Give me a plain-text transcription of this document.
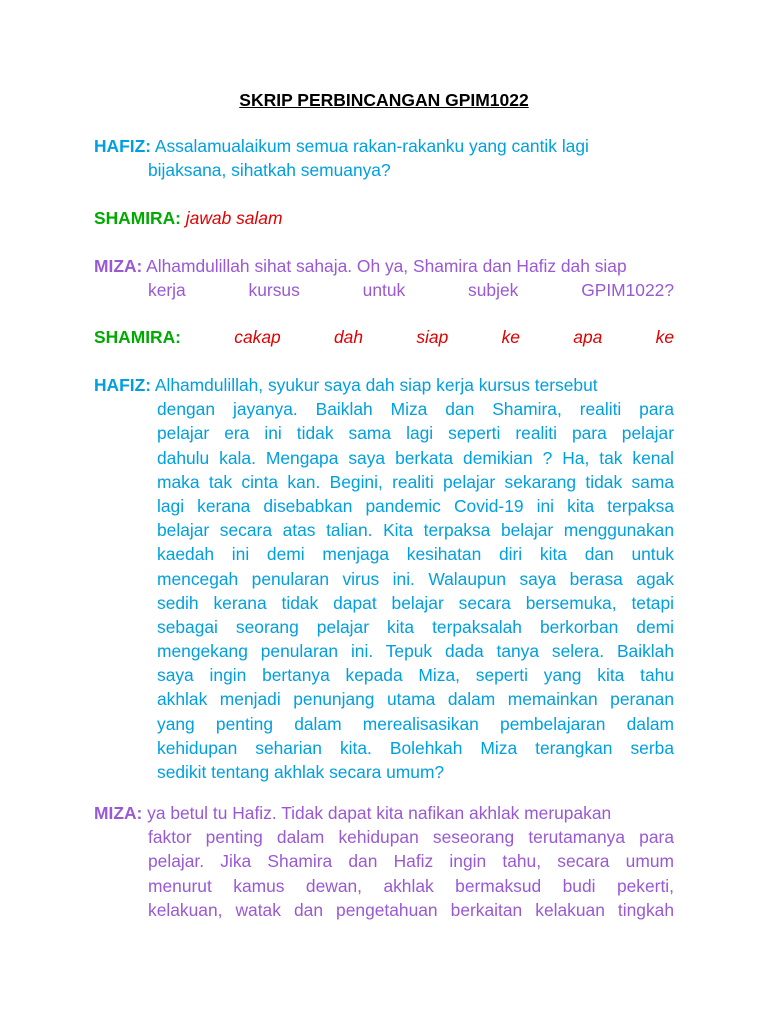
SKRIP PERBINCANGAN GPIM1022
HAFIZ: Assalamualaikum semua rakan-rakanku yang cantik lagi
bijaksana, sihatkah semuanya?
SHAMIRA: jawab salam
MIZA: Alhamdulillah sihat sahaja. Oh ya, Shamira dan Hafiz dah siap
kerja kursus untuk subjek GPIM1022?
SHAMIRA:	cakap dah siap ke apa ke
HAFIZ: Alhamdulillah, syukur saya dah siap kerja kursus tersebut
dengan jayanya. Baiklah Miza dan Shamira, realiti para
pelajar era ini tidak sama lagi seperti realiti para pelajar
dahulu kala. Mengapa saya berkata demikian ? Ha, tak kenal
maka tak cinta kan. Begini, realiti pelajar sekarang tidak sama
lagi kerana disebabkan pandemic Covid-19 ini kita terpaksa
belajar secara atas talian. Kita terpaksa belajar menggunakan
kaedah ini demi menjaga kesihatan diri kita dan untuk
mencegah penularan virus ini. Walaupun saya berasa agak
sedih kerana tidak dapat belajar secara bersemuka, tetapi
sebagai seorang pelajar kita terpaksalah berkorban demi
mengekang penularan ini. Tepuk dada tanya selera. Baiklah
saya ingin bertanya kepada Miza, seperti yang kita tahu
akhlak menjadi penunjang utama dalam memainkan peranan
yang penting dalam merealisasikan pembelajaran dalam
kehidupan seharian kita. Bolehkah Miza terangkan serba
sedikit tentang akhlak secara umum?
MIZA: ya betul tu Hafiz. Tidak dapat kita nafikan akhlak merupakan
faktor penting dalam kehidupan seseorang terutamanya para
pelajar. Jika Shamira dan Hafiz ingin tahu, secara umum
menurut kamus dewan, akhlak bermaksud budi pekerti,
kelakuan, watak dan pengetahuan berkaitan kelakuan tingkah
